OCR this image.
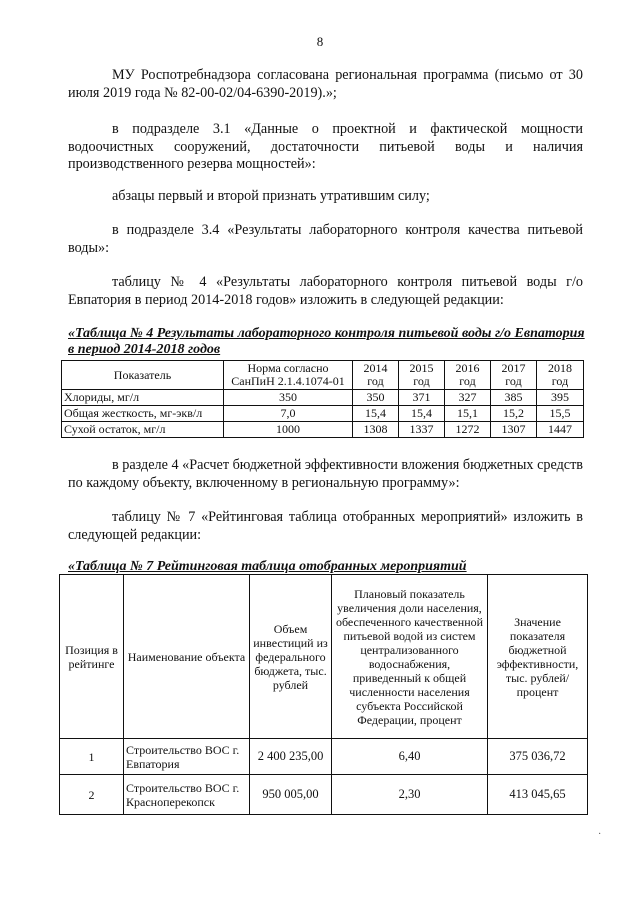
8

МУ Роспотребнадзора согласована региональная программа (письмо от 30 июля 2019 года № 82-00-02/04-6390-2019).»;

в подразделе 3.1 «Данные о проектной и фактической мощности водоочистных сооружений, достаточности питьевой воды и наличия производственного резерва мощностей»:

абзацы первый и второй признать утратившим силу;

в подразделе 3.4 «Результаты лабораторного контроля качества питьевой воды»:

таблицу № 4 «Результаты лабораторного контроля питьевой воды г/о Евпатория в период 2014-2018 годов» изложить в следующей редакции:

«Таблица № 4 Результаты лабораторного контроля питьевой воды г/о Евпатория в период 2014-2018 годов
Показатель	Норма согласно СанПиН 2.1.4.1074-01	2014 год	2015 год	2016 год	2017 год	2018 год
Хлориды, мг/л	350	350	371	327	385	395
Общая жесткость, мг-экв/л	7,0	15,4	15,4	15,1	15,2	15,5
Сухой остаток, мг/л	1000	1308	1337	1272	1307	1447

в разделе 4 «Расчет бюджетной эффективности вложения бюджетных средств по каждому объекту, включенному в региональную программу»:

таблицу № 7 «Рейтинговая таблица отобранных мероприятий» изложить в следующей редакции:

«Таблица № 7 Рейтинговая таблица отобранных мероприятий
Позиция в рейтинге	Наименование объекта	Объем инвестиций из федерального бюджета, тыс. рублей	Плановый показатель увеличения доли населения, обеспеченного качественной питьевой водой из систем централизованного водоснабжения, приведенный к общей численности населения субъекта Российской Федерации, процент	Значение показателя бюджетной эффективности, тыс. рублей/ процент
1	Строительство ВОС г. Евпатория	2 400 235,00	6,40	375 036,72
2	Строительство ВОС г. Красноперекопск	950 005,00	2,30	413 045,65
·
